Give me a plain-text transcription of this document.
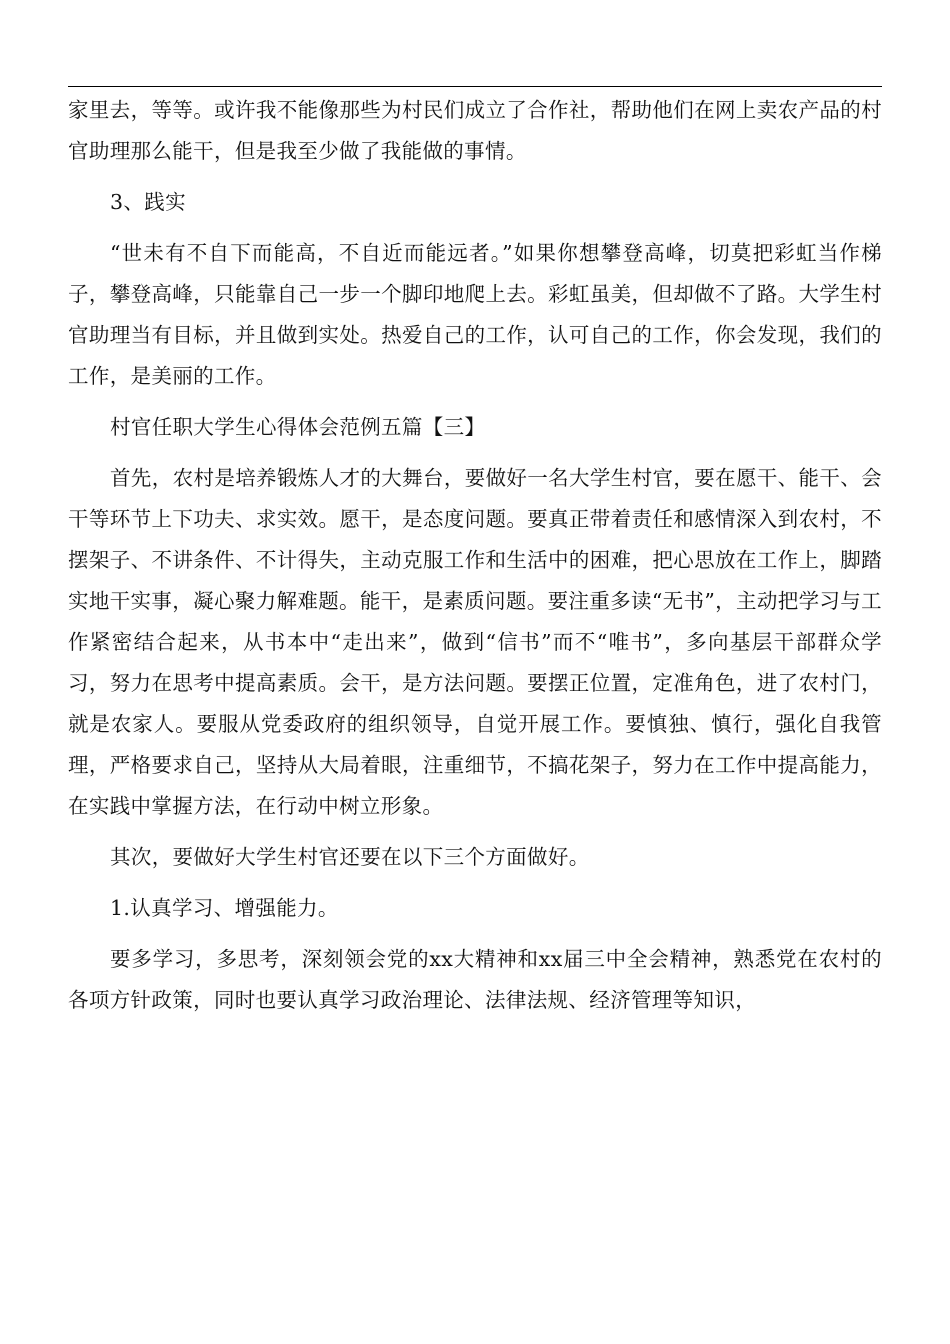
家里去，等等。或许我不能像那些为村民们成立了合作社，帮助他们在网上卖农产品的村官助理那么能干，但是我至少做了我能做的事情。

3、践实

“世未有不自下而能高，不自近而能远者。”如果你想攀登高峰，切莫把彩虹当作梯子，攀登高峰，只能靠自己一步一个脚印地爬上去。彩虹虽美，但却做不了路。大学生村官助理当有目标，并且做到实处。热爱自己的工作，认可自己的工作，你会发现，我们的工作，是美丽的工作。

村官任职大学生心得体会范例五篇【三】

首先，农村是培养锻炼人才的大舞台，要做好一名大学生村官，要在愿干、能干、会干等环节上下功夫、求实效。愿干，是态度问题。要真正带着责任和感情深入到农村，不摆架子、不讲条件、不计得失，主动克服工作和生活中的困难，把心思放在工作上，脚踏实地干实事，凝心聚力解难题。能干，是素质问题。要注重多读“无书”，主动把学习与工作紧密结合起来，从书本中“走出来”，做到“信书”而不“唯书”，多向基层干部群众学习，努力在思考中提高素质。会干，是方法问题。要摆正位置，定准角色，进了农村门，就是农家人。要服从党委政府的组织领导，自觉开展工作。要慎独、慎行，强化自我管理，严格要求自己，坚持从大局着眼，注重细节，不搞花架子，努力在工作中提高能力，在实践中掌握方法，在行动中树立形象。

其次，要做好大学生村官还要在以下三个方面做好。

1.认真学习、增强能力。

要多学习，多思考，深刻领会党的xx大精神和xx届三中全会精神，熟悉党在农村的各项方针政策，同时也要认真学习政治理论、法律法规、经济管理等知识，
